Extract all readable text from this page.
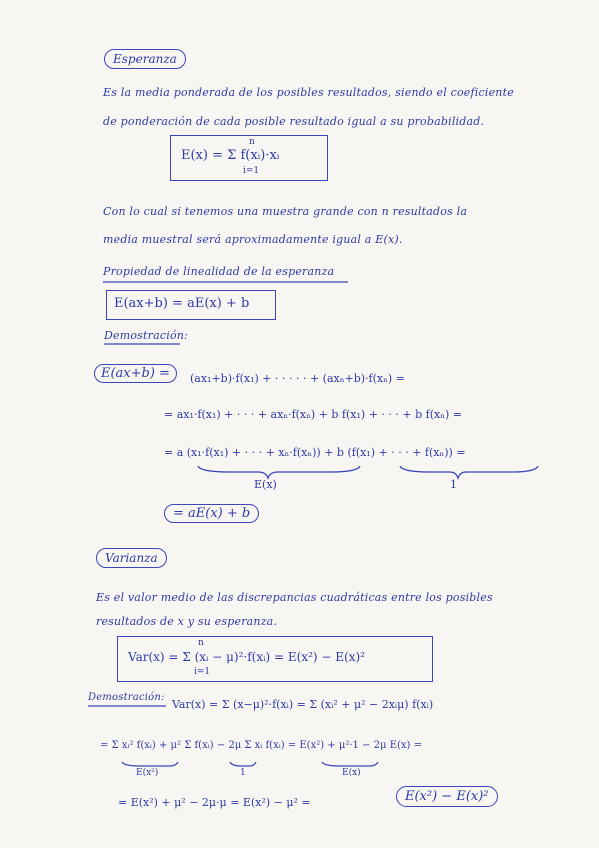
Esperanza
Es la media ponderada de los posibles resultados, siendo el coeficiente
de ponderación de cada posible resultado igual a su probabilidad.
E(x) = Σ f(xᵢ)·xᵢ
n
i=1
Con lo cual si tenemos una muestra grande con n resultados la
media muestral será aproximadamente igual a E(x).
Propiedad de linealidad de la esperanza
E(ax+b) = aE(x) + b
Demostración:
E(ax+b) =	(ax₁+b)·f(x₁) + · · · · · + (axₙ+b)·f(xₙ) =
= ax₁·f(x₁) + · · · + axₙ·f(xₙ) + b f(x₁) + · · · + b f(xₙ) =
= a (x₁·f(x₁) + · · · + xₙ·f(xₙ)) + b (f(x₁) + · · · + f(xₙ)) =
E(x)	1
= aE(x) + b
Varianza
Es el valor medio de las discrepancias cuadráticas entre los posibles
resultados de x y su esperanza.
Var(x) = Σ (xᵢ − μ)²·f(xᵢ) = E(x²) − E(x)²
n
i=1
Demostración:
Var(x) = Σ (x−μ)²·f(xᵢ) = Σ (xᵢ² + μ² − 2xᵢμ) f(xᵢ)
= Σ xᵢ² f(xᵢ) + μ² Σ f(xᵢ) − 2μ Σ xᵢ f(xᵢ) = E(x²) + μ²·1 − 2μ E(x) =
E(x²)	1	E(x)
= E(x²) + μ² − 2μ·μ = E(x²) − μ² =	E(x²) − E(x)²
